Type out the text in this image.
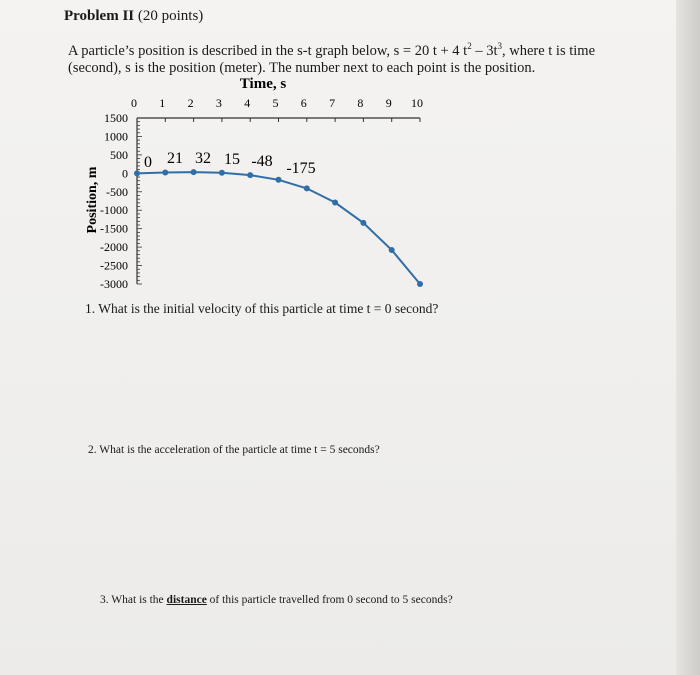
Problem II (20 points)
A particle’s position is described in the s-t graph below, s = 20 t + 4 $t^2 - 3t^3$, where t is time (second), s is the position (meter). The number next to each point is the position.
Time, s
0 1 2 3 4 5 6 7 8 9 10
1500
1000
500
0
-500
-1000
-1500
-2000
-2500
-3000
Position, m
0 21 32 15 -48 -175
1. What is the initial velocity of this particle at time t = 0 second?
2. What is the acceleration of the particle at time t = 5 seconds?
3. What is the distance of this particle travelled from 0 second to 5 seconds?
